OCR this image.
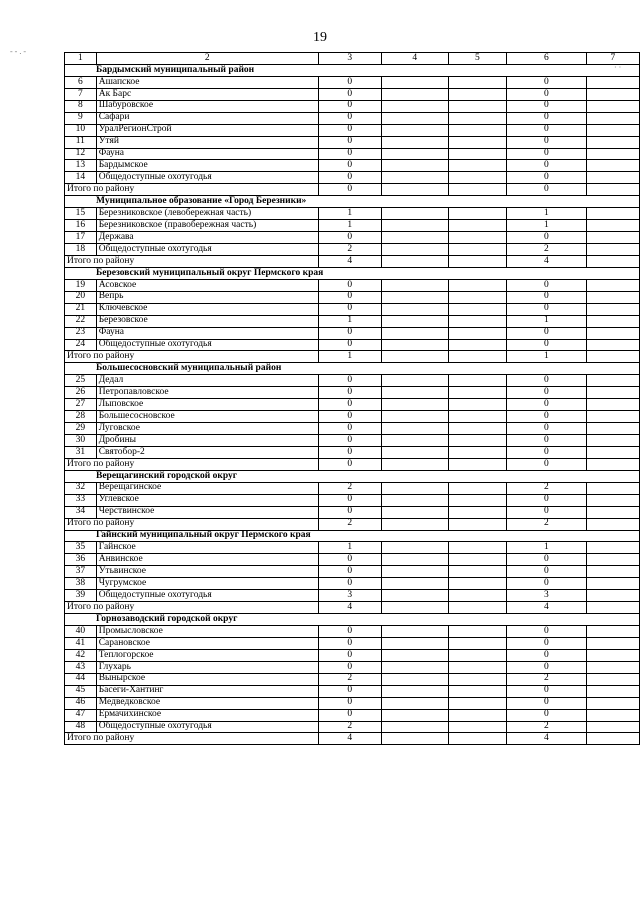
19
- - . -
· ·
1	2	3	4	5	6	7
Бардымский муниципальный район						
6	Ашапское	0			0	
7	Ак Барс	0			0	
8	Шабуровское	0			0	
9	Сафари	0			0	
10	УралРегионСтрой	0			0	
11	Утяй	0			0	
12	Фауна	0			0	
13	Бардымское	0			0	
14	Общедоступные охотугодья	0			0	
Итого по району		0			0	
Муниципальное образование «Город Березники»						
15	Березниковское (левобережная часть)	1			1	
16	Березниковское (правобережная часть)	1			1	
17	Держава	0			0	
18	Общедоступные охотугодья	2			2	
Итого по району		4			4	
Березовский муниципальный округ Пермского края						
19	Асовское	0			0	
20	Вепрь	0			0	
21	Ключевское	0			0	
22	Березовское	1			1	
23	Фауна	0			0	
24	Общедоступные охотугодья	0			0	
Итого по району		1			1	
Большесосновский муниципальный район						
25	Дедал	0			0	
26	Петропавловское	0			0	
27	Лыповское	0			0	
28	Большесосновское	0			0	
29	Луговское	0			0	
30	Дробины	0			0	
31	Святобор-2	0			0	
Итого по району		0			0	
Верещагинский городской округ						
32	Верещагинское	2			2	
33	Углевское	0			0	
34	Черствинское	0			0	
Итого по району		2			2	
Гайнский муниципальный округ Пермского края						
35	Гайнское	1			1	
36	Анвинское	0			0	
37	Утьвинское	0			0	
38	Чугрумское	0			0	
39	Общедоступные охотугодья	3			3	
Итого по району		4			4	
Горнозаводский городской округ						
40	Промысловское	0			0	
41	Сарановское	0			0	
42	Теплогорское	0			0	
43	Глухарь	0			0	
44	Вынырское	2			2	
45	Басеги-Хантинг	0			0	
46	Медведковское	0			0	
47	Ермачихинское	0			0	
48	Общедоступные охотугодья	2			2	
Итого по району		4			4	
